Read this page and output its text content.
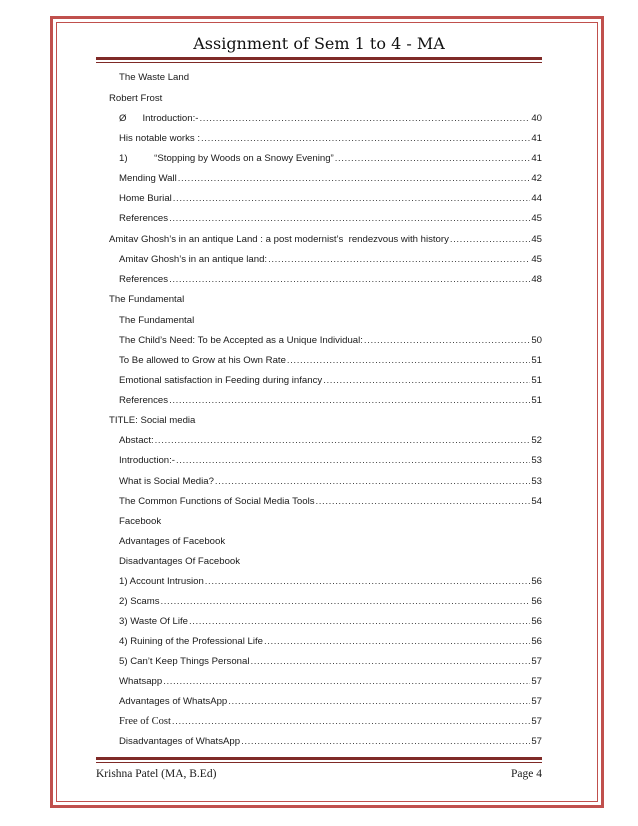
Assignment of Sem 1 to 4 - MA
The Waste Land
Robert Frost
Ø      Introduction:- .....	40
His notable works : .....	41
1)          “Stopping by Woods on a Snowy Evening” .....	41
Mending Wall .....	42
Home Burial .....	44
References .....	45
Amitav Ghosh’s in an antique Land : a post modernist’s  rendezvous with history .....	45
Amitav Ghosh’s in an antique land: .....	45
References .....	48
The Fundamental
The Fundamental
The Child’s Need: To be Accepted as a Unique Individual: .....	50
To Be allowed to Grow at his Own Rate .....	51
Emotional satisfaction in Feeding during infancy .....	51
References .....	51
TITLE: Social media
Abstact: .....	52
Introduction:- .....	53
What is Social Media? .....	53
The Common Functions of Social Media Tools .....	54
Facebook
Advantages of Facebook
Disadvantages Of Facebook
1) Account Intrusion .....	56
2) Scams .....	56
3) Waste Of Life .....	56
4) Ruining of the Professional Life .....	56
5) Can’t Keep Things Personal .....	57
Whatsapp .....	57
Advantages of WhatsApp .....	57
Free of Cost .....	57
Disadvantages of WhatsApp .....	57
Krishna Patel (MA, B.Ed)	Page 4
